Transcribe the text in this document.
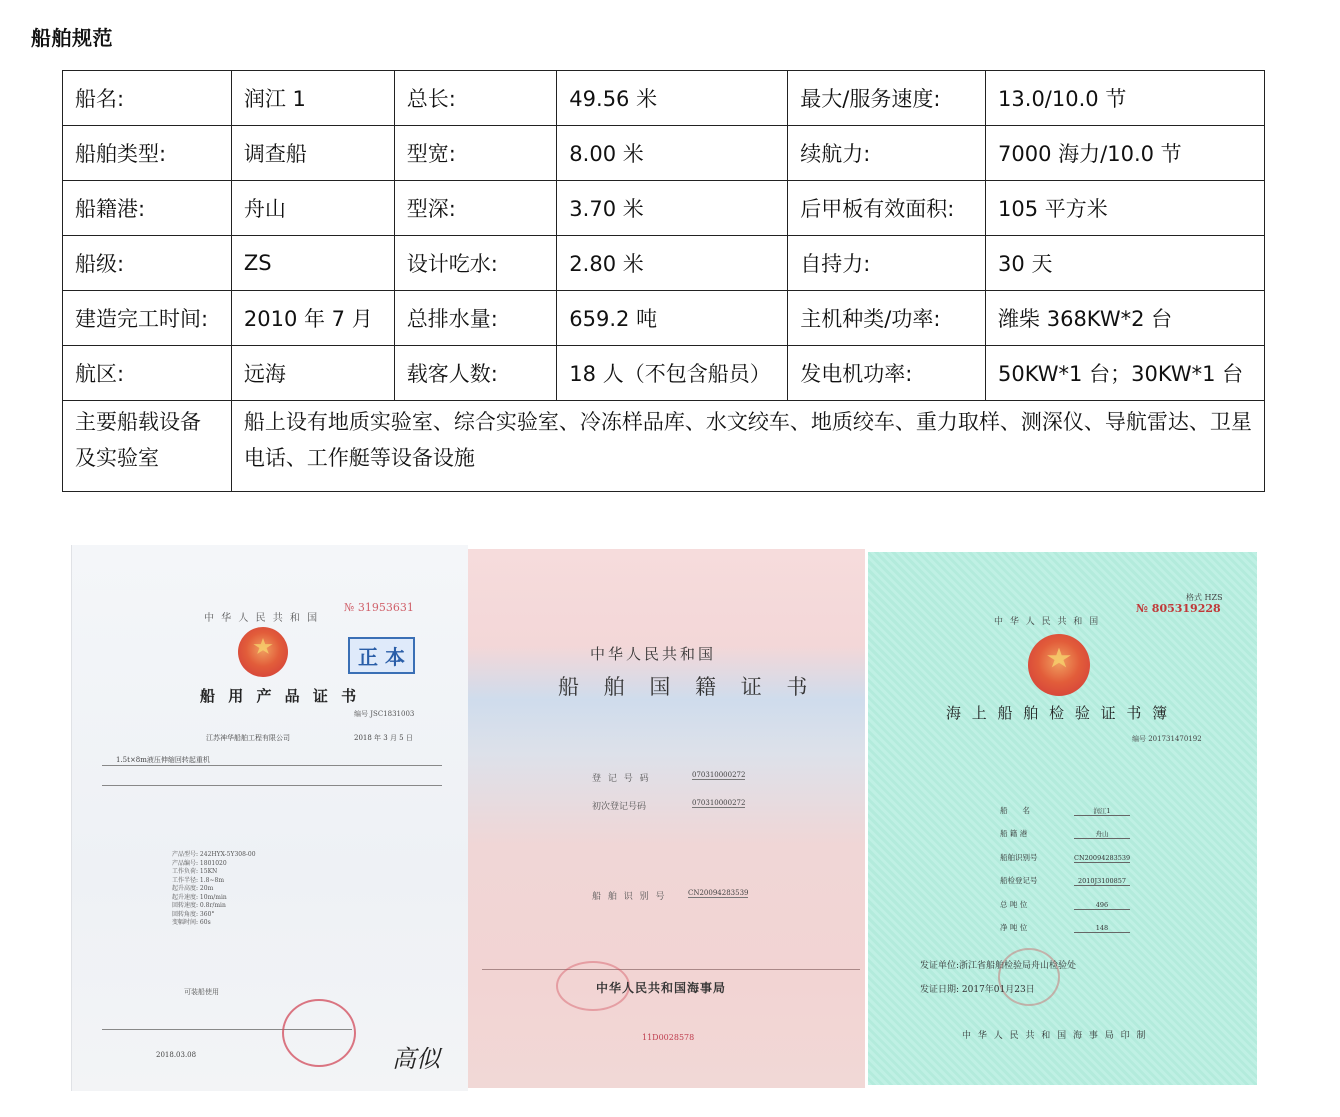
船舶规范
船名:	润江 1	总长:	49.56 米	最大/服务速度:	13.0/10.0 节
船舶类型:	调查船	型宽:	8.00 米	续航力:	7000 海力/10.0 节
船籍港:	舟山	型深:	3.70 米	后甲板有效面积:	105 平方米
船级:	ZS	设计吃水:	2.80 米	自持力:	30 天
建造完工时间:	2010 年 7 月	总排水量:	659.2 吨	主机种类/功率:	潍柴 368KW*2 台
航区:	远海	载客人数:	18 人（不包含船员）	发电机功率:	50KW*1 台；30KW*1 台
主要船载设备及实验室	船上设有地质实验室、综合实验室、冷冻样品库、水文绞车、地质绞车、重力取样、测深仪、导航雷达、卫星电话、工作艇等设备设施				
中 华 人 民 共 和 国
№ 31953631
正 本
船 用 产 品 证 书
编号 JSC1831003
江苏神华船舶工程有限公司	2018 年 3 月 5 日
1.5t×8m液压伸缩回转起重机
产品型号: 242HYX-5Y308-00
产品编号: 1801020
工作负荷: 15KN
工作半径: 1.8~8m
起升高度: 20m
起升速度: 10m/min
回转速度: 0.8r/min
回转角度: 360°
变幅时间: 60s
可装船使用
2018.03.08	高似
中华人民共和国
船 舶 国 籍 证 书
登 记 号 码	070310000272
初次登记号码	070310000272
船 舶 识 别 号	CN20094283539
中华人民共和国海事局
11D0028578
格式 HZS
№ 805319228
中 华 人 民 共 和 国
海 上 船 舶 检 验 证 书 簿
编号 201731470192
船　　名	润江1
船 籍 港	舟山
船舶识别号	CN20094283539
船检登记号	2010J3100857
总 吨 位	496
净 吨 位	148
发证单位:浙江省船舶检验局舟山检验处
发证日期: 2017年01月23日
中 华 人 民 共 和 国 海 事 局 印 制
